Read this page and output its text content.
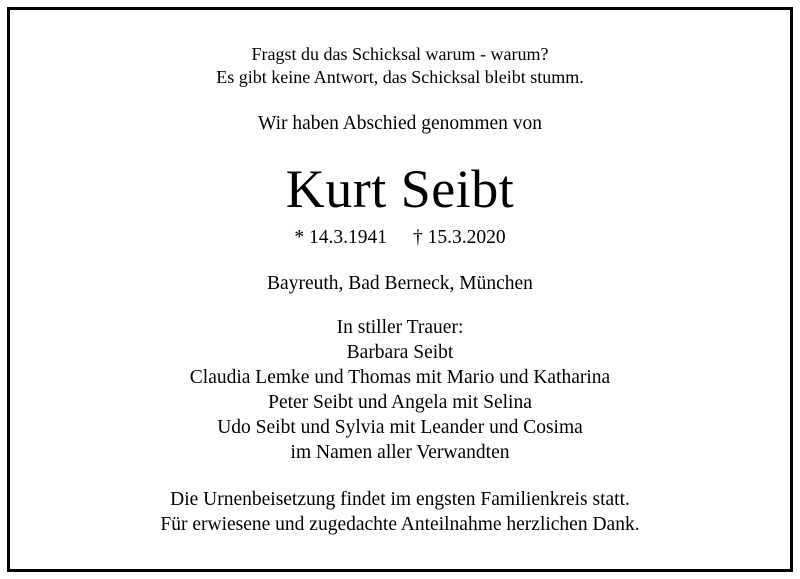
Fragst du das Schicksal warum - warum?
Es gibt keine Antwort, das Schicksal bleibt stumm.
Wir haben Abschied genommen von
Kurt Seibt
* 14.3.1941 † 15.3.2020
Bayreuth, Bad Berneck, München
In stiller Trauer:
Barbara Seibt
Claudia Lemke und Thomas mit Mario und Katharina
Peter Seibt und Angela mit Selina
Udo Seibt und Sylvia mit Leander und Cosima
im Namen aller Verwandten
Die Urnenbeisetzung findet im engsten Familienkreis statt.
Für erwiesene und zugedachte Anteilnahme herzlichen Dank.
